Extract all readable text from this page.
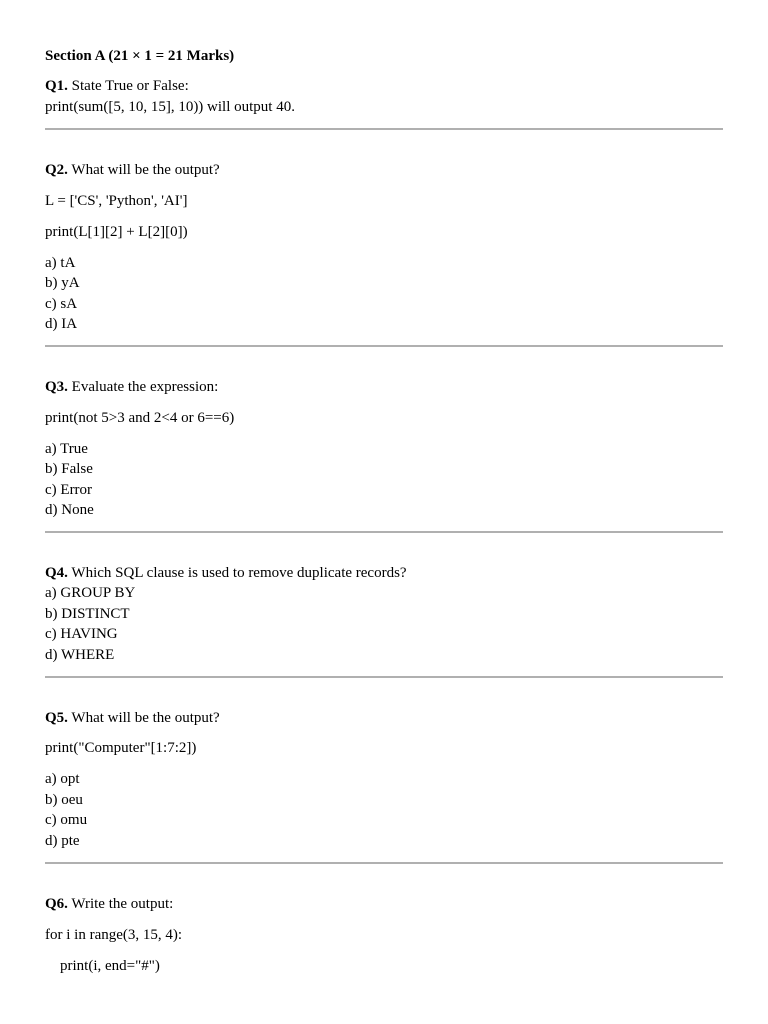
Section A (21 × 1 = 21 Marks)
Q1. State True or False:
print(sum([5, 10, 15], 10)) will output 40.
Q2. What will be the output?
L = ['CS', 'Python', 'AI']
print(L[1][2] + L[2][0])
a) tA
b) yA
c) sA
d) IA
Q3. Evaluate the expression:
print(not 5>3 and 2<4 or 6==6)
a) True
b) False
c) Error
d) None
Q4. Which SQL clause is used to remove duplicate records?
a) GROUP BY
b) DISTINCT
c) HAVING
d) WHERE
Q5. What will be the output?
print("Computer"[1:7:2])
a) opt
b) oeu
c) omu
d) pte
Q6. Write the output:
for i in range(3, 15, 4):
print(i, end="#")
